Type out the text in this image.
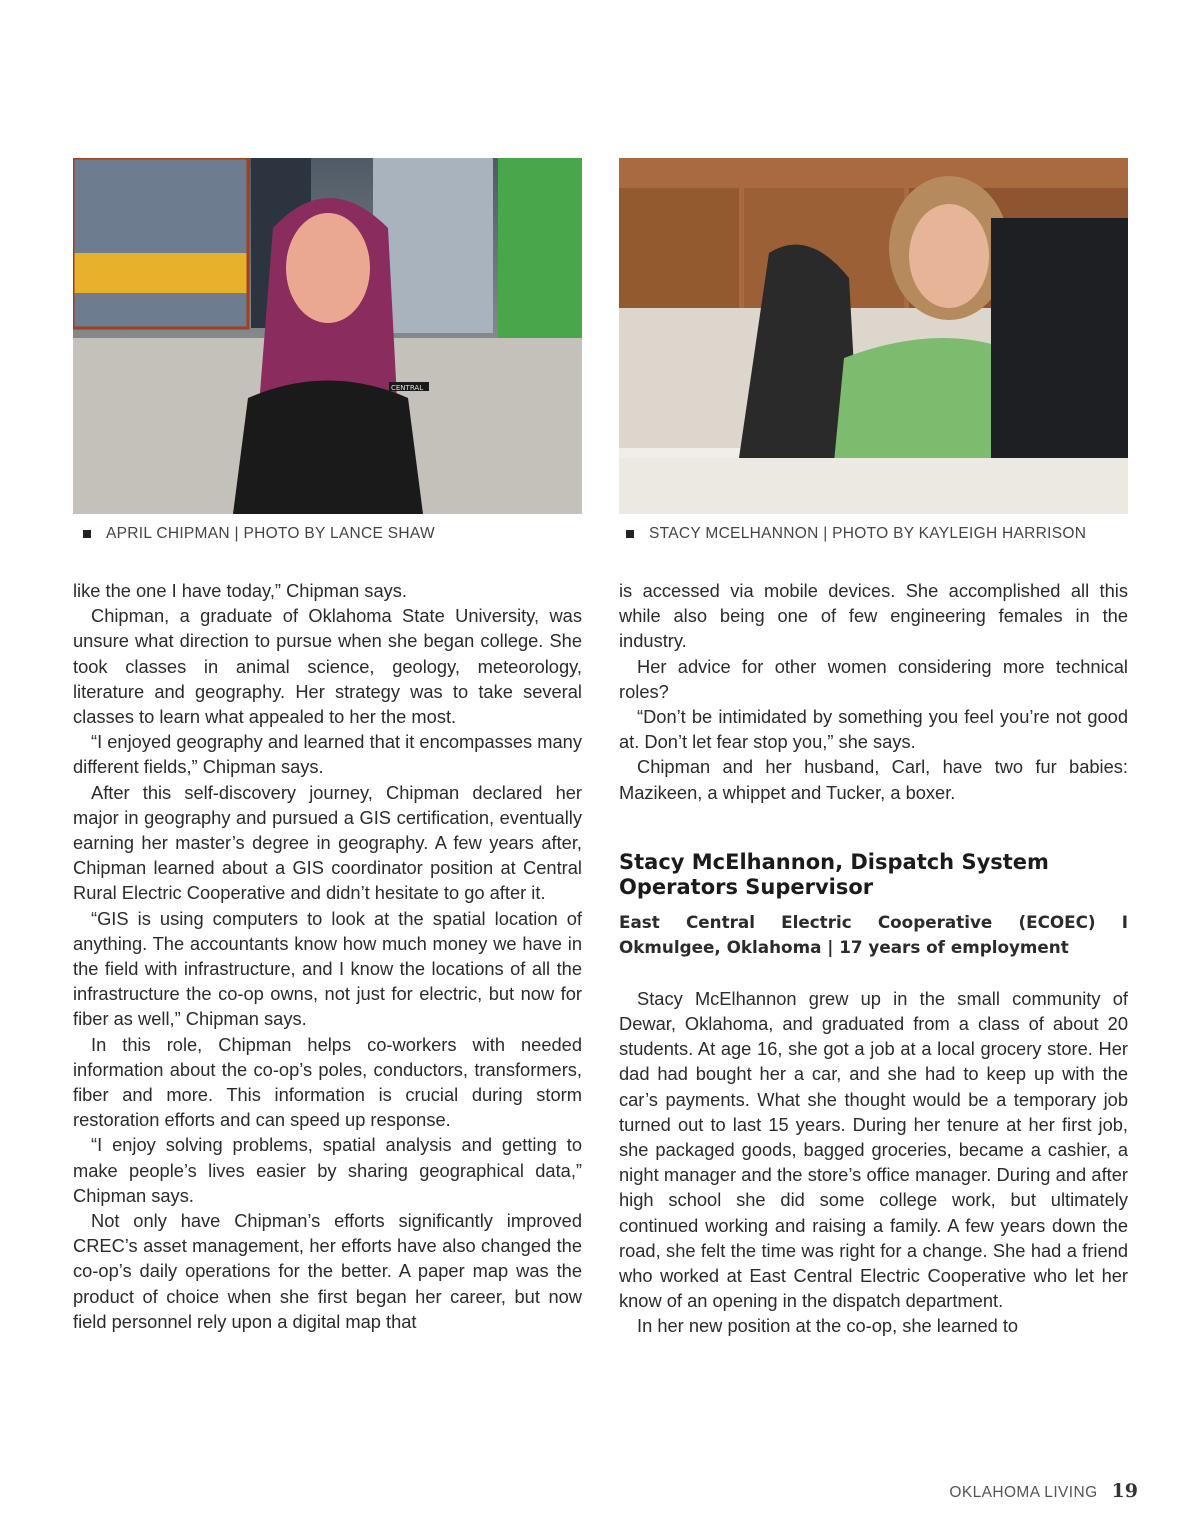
CENTRAL
APRIL CHIPMAN | PHOTO BY LANCE SHAW	STACY MCELHANNON | PHOTO BY KAYLEIGH HARRISON

like the one I have today,” Chipman says.

Chipman, a graduate of Oklahoma State University, was unsure what direction to pursue when she began college. She took classes in animal science, geology, meteorology, literature and geography. Her strategy was to take several classes to learn what appealed to her the most.

“I enjoyed geography and learned that it encompasses many different fields,” Chipman says.

After this self-discovery journey, Chipman declared her major in geography and pursued a GIS certification, eventually earning her master’s degree in geography. A few years after, Chipman learned about a GIS coordinator position at Central Rural Electric Cooperative and didn’t hesitate to go after it.

“GIS is using computers to look at the spatial location of anything. The accountants know how much money we have in the field with infrastructure, and I know the locations of all the infrastructure the co-op owns, not just for electric, but now for fiber as well,” Chipman says.

In this role, Chipman helps co-workers with needed information about the co-op’s poles, conductors, transformers, fiber and more. This information is crucial during storm restoration efforts and can speed up response.

“I enjoy solving problems, spatial analysis and getting to make people’s lives easier by sharing geographical data,” Chipman says.

Not only have Chipman’s efforts significantly improved CREC’s asset management, her efforts have also changed the co-op’s daily operations for the better. A paper map was the product of choice when she first began her career, but now field personnel rely upon a digital map that

is accessed via mobile devices. She accomplished all this while also being one of few engineering females in the industry.

Her advice for other women considering more technical roles?

“Don’t be intimidated by something you feel you’re not good at. Don’t let fear stop you,” she says.

Chipman and her husband, Carl, have two fur babies: Mazikeen, a whippet and Tucker, a boxer.

Stacy McElhannon, Dispatch System Operators Supervisor
East Central Electric Cooperative (ECOEC) I Okmulgee, Oklahoma | 17 years of employment

Stacy McElhannon grew up in the small community of Dewar, Oklahoma, and graduated from a class of about 20 students. At age 16, she got a job at a local grocery store. Her dad had bought her a car, and she had to keep up with the car’s payments. What she thought would be a temporary job turned out to last 15 years. During her tenure at her first job, she packaged goods, bagged groceries, became a cashier, a night manager and the store’s office manager. During and after high school she did some college work, but ultimately continued working and raising a family. A few years down the road, she felt the time was right for a change. She had a friend who worked at East Central Electric Cooperative who let her know of an opening in the dispatch department.

In her new position at the co-op, she learned to

OKLAHOMA LIVING 19
